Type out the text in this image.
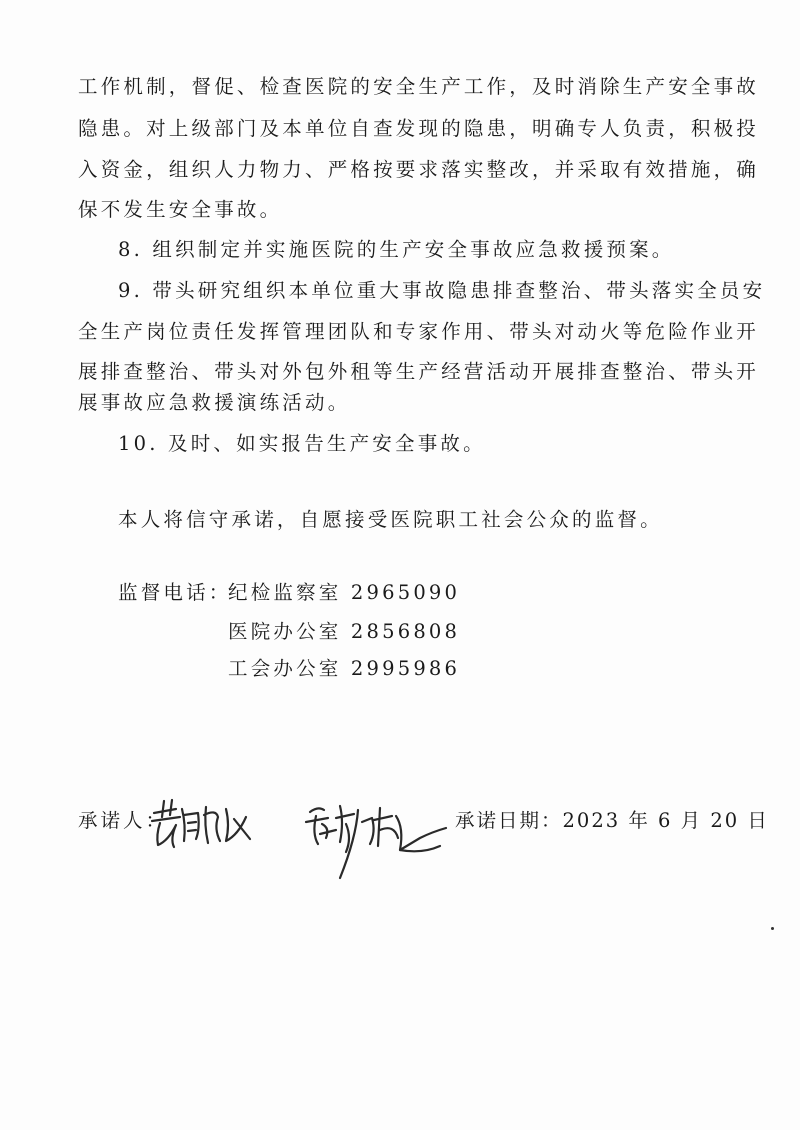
工作机制，督促、检查医院的安全生产工作，及时消除生产安全事故
隐患。对上级部门及本单位自查发现的隐患，明确专人负责，积极投
入资金，组织人力物力、严格按要求落实整改，并采取有效措施，确
保不发生安全事故。
8. 组织制定并实施医院的生产安全事故应急救援预案。
9. 带头研究组织本单位重大事故隐患排查整治、带头落实全员安
全生产岗位责任发挥管理团队和专家作用、带头对动火等危险作业开
展排查整治、带头对外包外租等生产经营活动开展排查整治、带头开
展事故应急救援演练活动。
10. 及时、如实报告生产安全事故。
本人将信守承诺，自愿接受医院职工社会公众的监督。
监督电话：
纪检监察室 2965090
医院办公室 2856808
工会办公室 2995986
承诺人：	承诺日期：2023 年 6 月 20 日
